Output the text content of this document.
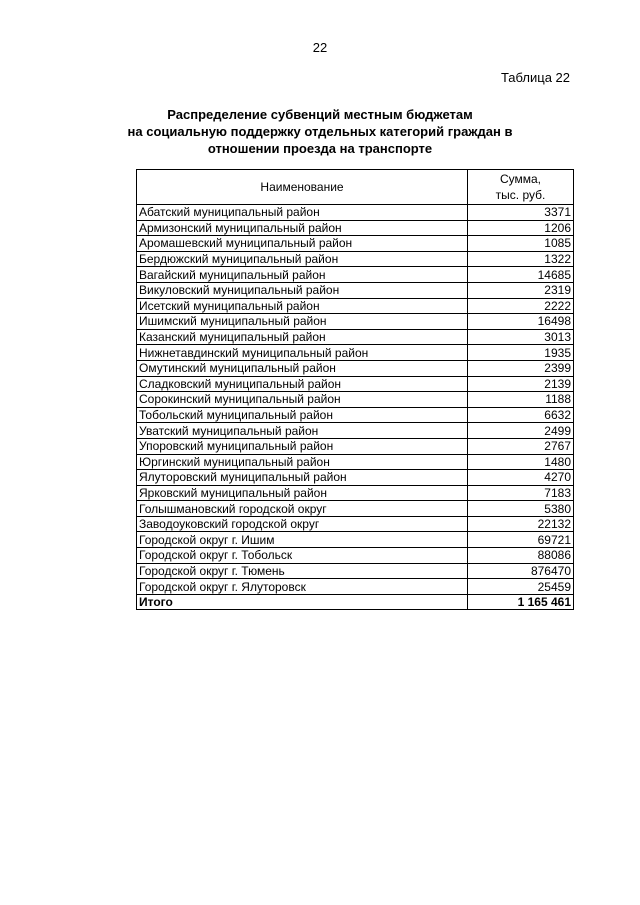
22
Таблица 22
Распределение субвенций местным бюджетам
на социальную поддержку отдельных категорий граждан в
отношении проезда на транспорте
Наименование	Сумма,
тыс. руб.

Абатский муниципальный район	3371
Армизонский муниципальный район	1206
Аромашевский муниципальный район	1085
Бердюжский муниципальный район	1322
Вагайский муниципальный район	14685
Викуловский муниципальный район	2319
Исетский муниципальный район	2222
Ишимский муниципальный район	16498
Казанский муниципальный район	3013
Нижнетавдинский муниципальный район	1935
Омутинский муниципальный район	2399
Сладковский муниципальный район	2139
Сорокинский муниципальный район	1188
Тобольский муниципальный район	6632
Уватский муниципальный район	2499
Упоровский муниципальный район	2767
Юргинский муниципальный район	1480
Ялуторовский муниципальный район	4270
Ярковский муниципальный район	7183
Голышмановский городской округ	5380
Заводоуковский городской округ	22132
Городской округ г. Ишим	69721
Городской округ г. Тобольск	88086
Городской округ г. Тюмень	876470
Городской округ г. Ялуторовск	25459
Итого	1 165 461
